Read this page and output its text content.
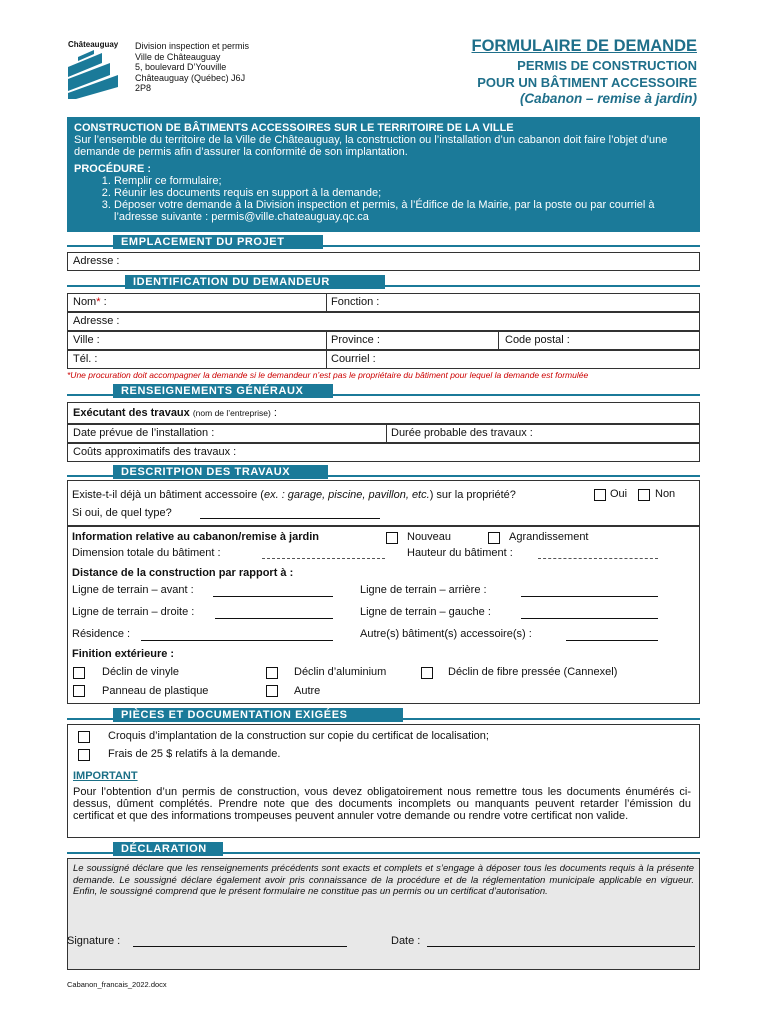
Châteauguay Division inspection et permis
Ville de Châteauguay
5, boulevard D’Youville
Châteauguay (Québec) J6J
2P8
FORMULAIRE DE DEMANDE
PERMIS DE CONSTRUCTION
POUR UN BÂTIMENT ACCESSOIRE
(Cabanon – remise à jardin)
CONSTRUCTION DE BÂTIMENTS ACCESSOIRES SUR LE TERRITOIRE DE LA VILLE
Sur l’ensemble du territoire de la Ville de Châteauguay, la construction ou l’installation d’un cabanon doit faire l’objet d’une demande de permis afin d’assurer la conformité de son implantation.
PROCÉDURE :
1. Remplir ce formulaire;
2. Réunir les documents requis en support à la demande;
3. Déposer votre demande à la Division inspection et permis, à l’Édifice de la Mairie, par la poste ou par courriel à l’adresse suivante : permis@ville.chateauguay.qc.ca
EMPLACEMENT DU PROJET
Adresse :
IDENTIFICATION DU DEMANDEUR
Nom* :	Fonction :
Adresse :
Ville :	Province :	Code postal :
Tél. :	Courriel :
*Une procuration doit accompagner la demande si le demandeur n’est pas le propriétaire du bâtiment pour lequel la demande est formulée
RENSEIGNEMENTS GÉNÉRAUX
Exécutant des travaux (nom de l’entreprise) :
Date prévue de l’installation :	Durée probable des travaux :
Coûts approximatifs des travaux :
DESCRITPION DES TRAVAUX
Existe-t-il déjà un bâtiment accessoire (ex. : garage, piscine, pavillon, etc.) sur la propriété?	Oui	Non
Si oui, de quel type?
Information relative au cabanon/remise à jardin	Nouveau	Agrandissement
Dimension totale du bâtiment :	Hauteur du bâtiment :
Distance de la construction par rapport à :
Ligne de terrain – avant :	Ligne de terrain – arrière :
Ligne de terrain – droite :	Ligne de terrain – gauche :
Résidence :	Autre(s) bâtiment(s) accessoire(s) :
Finition extérieure :
Déclin de vinyle	Déclin d’aluminium	Déclin de fibre pressée (Cannexel)
Panneau de plastique	Autre
PIÈCES ET DOCUMENTATION EXIGÉES
Croquis d’implantation de la construction sur copie du certificat de localisation;
Frais de 25 $ relatifs à la demande.
IMPORTANT
Pour l’obtention d’un permis de construction, vous devez obligatoirement nous remettre tous les documents énumérés ci-dessus, dûment complétés. Prendre note que des documents incomplets ou manquants peuvent retarder l’émission du certificat et que des informations trompeuses peuvent annuler votre demande ou rendre votre certificat non valide.
DÉCLARATION
Le soussigné déclare que les renseignements précédents sont exacts et complets et s’engage à déposer tous les documents requis à la présente demande. Le soussigné déclare également avoir pris connaissance de la procédure et de la réglementation municipale applicable en vigueur. Enfin, le soussigné comprend que le présent formulaire ne constitue pas un permis ou un certificat d’autorisation.
Signature :	Date :
Cabanon_francais_2022.docx
